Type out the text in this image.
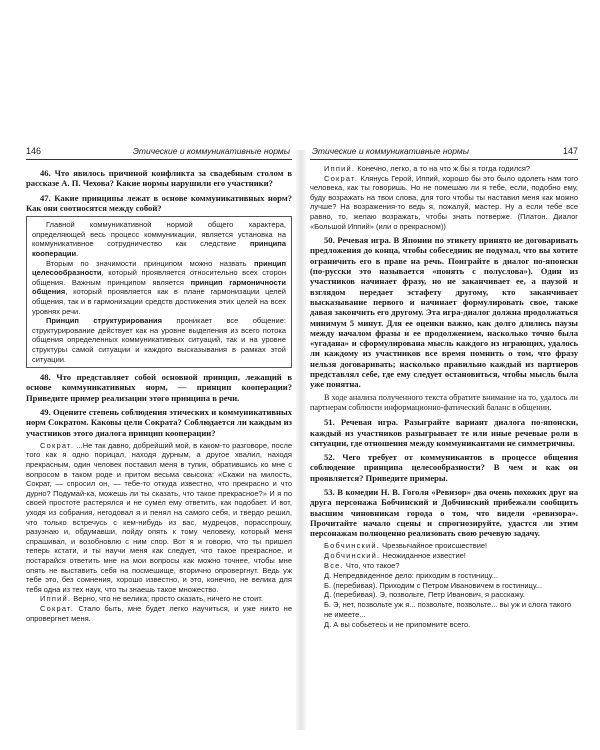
146	Этические и коммуникативные нормы

46. Что явилось причиной конфликта за свадебным столом в рассказе А. П. Чехова? Какие нормы нарушили его участники?

47. Какие принципы лежат в основе коммуникативных норм? Как они соотносятся между собой?

Главной коммуникативной нормой общего характера, определяющей весь процесс коммуникации, является установка на коммуникативное сотрудничество как следствие принципа кооперации.

Вторым по значимости принципом можно назвать принцип целесообразности, который проявляется относительно всех сторон общения. Важным принципом является принцип гармоничности общения, который проявляется как в плане гармонизации целей общения, так и в гармонизации средств достижения этих целей на всех уровнях речи.

Принцип структурирования проникает все общение: структурирование действует как на уровне выделения из всего потока общения определенных коммуникативных ситуаций, так и на уровне структуры самой ситуации и каждого высказывания в рамках этой ситуации.

48. Что представляет собой основной принцип, лежащий в основе коммуникативных норм, — принцип кооперации? Приведите пример реализации этого принципа в речи.

49. Оцените степень соблюдения этических и коммуникативных норм Сократом. Каковы цели Сократа? Соблюдается ли каждым из участников этого диалога принцип кооперации?

Сократ. ...Не так давно, добрейший мой, в каком-то разговоре, после того как я одно порицал, находя дурным, а другое хвалил, находя прекрасным, один человек поставил меня в тупик, обратившись ко мне с вопросом в таком роде и притом весьма свысока: «Скажи на милость, Сократ, — спросил он, — тебе-то откуда известно, что прекрасно и что дурно? Подумай-ка, можешь ли ты сказать, что такое прекрасное?» И я по своей простоте растерялся и не сумел ему ответить, как подобает. И вот, уходя из собрания, негодовал я и пенял на самого себя, и твердо решил, что только встречусь с кем-нибудь из вас, мудрецов, порасспрошу, разузнаю и, обдумавши, пойду опять к тому человеку, который меня спрашивал, и возобновлю с ним спор. Вот я и говорю, что ты пришел теперь кстати, и ты научи меня как следует, что такое прекрасное, и постарайся ответить мне на мои вопросы как можно точнее, чтобы мне опять не выставить себя на посмешище, вторично опровергнут. Ведь уж тебе это, без сомнения, хорошо известно, и это, конечно, не велика для тебя одна из тех наук, что ты знаешь такое множество.

Иппий. Верно, что не велика; просто сказать, ничего не стоит.

Сократ. Стало быть, мне будет легко научиться, и уже никто не опровергнет меня.

Этические и коммуникативные нормы	147

Иппий. Конечно, легко, а то на что ж бы я тогда годился?

Сократ. Клянусь Герой, Иппий, хорошо бы это было одолеть нам того человека, как ты говоришь. Но не помешаю ли я тебе, если, подобно ему, буду возражать на твои слова, для того чтобы ты наставил меня как можно лучше? На возражения-то ведь я, пожалуй, мастер. Ну а если тебе все равно, то, желаю возражать, чтобы знать потверже. (Платон. Диалог «Большой Иппий» (или о прекрасном))

50. Речевая игра. В Японии по этикету принято не договаривать предложения до конца, чтобы собеседник не подумал, что вы хотите ограничить его в праве на речь. Поиграйте в диалог по-японски (по-русски это называется «понять с полуслова»). Один из участников начинает фразу, но не заканчивает ее, а паузой и взглядом передает эстафету другому, кто заканчивает высказывание первого и начинает формулировать свое, также давая закончить его другому. Эта игра-диалог должна продолжаться минимум 5 минут. Для ее оценки важно, как долго длились паузы между началом фразы и ее продолжением, насколько точно была «угадана» и сформулирована мысль каждого из играющих, удалось ли каждому из участников все время помнить о том, что фразу нельзя договаривать; насколько правильно каждый из партнеров представлял себе, где ему следует остановиться, чтобы мысль была уже понятна.

В ходе анализа полученного текста обратите внимание на то, удалось ли партнерам соблюсти информационно-фатический баланс в общении.

51. Речевая игра. Разыграйте вариант диалога по-японски, каждый из участников разыгрывает те или иные речевые роли в ситуации, где отношения между коммуникантами не симметричны.

52. Чего требует от коммуникантов в процессе общения соблюдение принципа целесообразности? В чем и как он проявляется? Приведите примеры.

53. В комедии Н. В. Гоголя «Ревизор» два очень похожих друг на друга персонажа Бобчинский и Добчинский прибежали сообщить высшим чиновникам города о том, что видели «ревизора». Прочитайте начало сцены и спрогнозируйте, удастся ли этим персонажам полноценно реализовать свою речевую задачу.

Бобчинский. Чрезвычайное происшествие!

Добчинский. Неожиданное известие!

Все. Что, что такое?

Д. Непредвиденное дело: приходим в гостиницу...

Б. (перебивая). Приходим с Петром Ивановичем в гостиницу...

Д. (перебивая). Э, позвольте, Петр Иванович, я расскажу.

Б. Э, нет, позвольте уж я... позвольте, позвольте... вы уж и слога такого не имеете...

Д. А вы собьетесь и не припомните всего.
